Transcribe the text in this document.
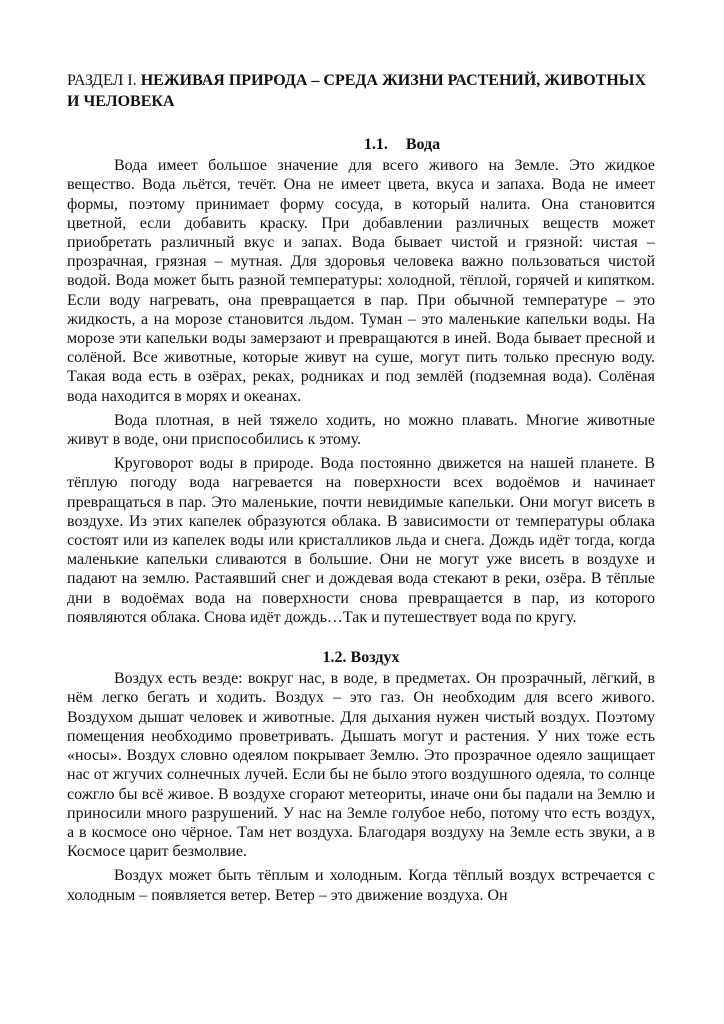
РАЗДЕЛ I. НЕЖИВАЯ ПРИРОДА – СРЕДА ЖИЗНИ РАСТЕНИЙ, ЖИВОТНЫХ И ЧЕЛОВЕКА
1.1. Вода

Вода имеет большое значение для всего живого на Земле. Это жидкое вещество. Вода льётся, течёт. Она не имеет цвета, вкуса и запаха. Вода не имеет формы, поэтому принимает форму сосуда, в который налита. Она становится цветной, если добавить краску. При добавлении различных веществ может приобретать различный вкус и запах. Вода бывает чистой и грязной: чистая – прозрачная, грязная – мутная. Для здоровья человека важно пользоваться чистой водой. Вода может быть разной температуры: холодной, тёплой, горячей и кипятком. Если воду нагревать, она превращается в пар. При обычной температуре – это жидкость, а на морозе становится льдом. Туман – это маленькие капельки воды. На морозе эти капельки воды замерзают и превращаются в иней. Вода бывает пресной и солёной. Все животные, которые живут на суше, могут пить только пресную воду. Такая вода есть в озёрах, реках, родниках и под землёй (подземная вода). Солёная вода находится в морях и океанах.

Вода плотная, в ней тяжело ходить, но можно плавать. Многие животные живут в воде, они приспособились к этому.

Круговорот воды в природе. Вода постоянно движется на нашей планете. В тёплую погоду вода нагревается на поверхности всех водоёмов и начинает превращаться в пар. Это маленькие, почти невидимые капельки. Они могут висеть в воздухе. Из этих капелек образуются облака. В зависимости от температуры облака состоят или из капелек воды или кристалликов льда и снега. Дождь идёт тогда, когда маленькие капельки сливаются в большие. Они не могут уже висеть в воздухе и падают на землю. Растаявший снег и дождевая вода стекают в реки, озёра. В тёплые дни в водоёмах вода на поверхности снова превращается в пар, из которого появляются облака. Снова идёт дождь…Так и путешествует вода по кругу.

1.2. Воздух

Воздух есть везде: вокруг нас, в воде, в предметах. Он прозрачный, лёгкий, в нём легко бегать и ходить. Воздух – это газ. Он необходим для всего живого. Воздухом дышат человек и животные. Для дыхания нужен чистый воздух. Поэтому помещения необходимо проветривать. Дышать могут и растения. У них тоже есть «носы». Воздух словно одеялом покрывает Землю. Это прозрачное одеяло защищает нас от жгучих солнечных лучей. Если бы не было этого воздушного одеяла, то солнце сожгло бы всё живое. В воздухе сгорают метеориты, иначе они бы падали на Землю и приносили много разрушений. У нас на Земле голубое небо, потому что есть воздух, а в космосе оно чёрное. Там нет воздуха. Благодаря воздуху на Земле есть звуки, а в Космосе царит безмолвие.

Воздух может быть тёплым и холодным. Когда тёплый воздух встречается с холодным – появляется ветер. Ветер – это движение воздуха. Он
